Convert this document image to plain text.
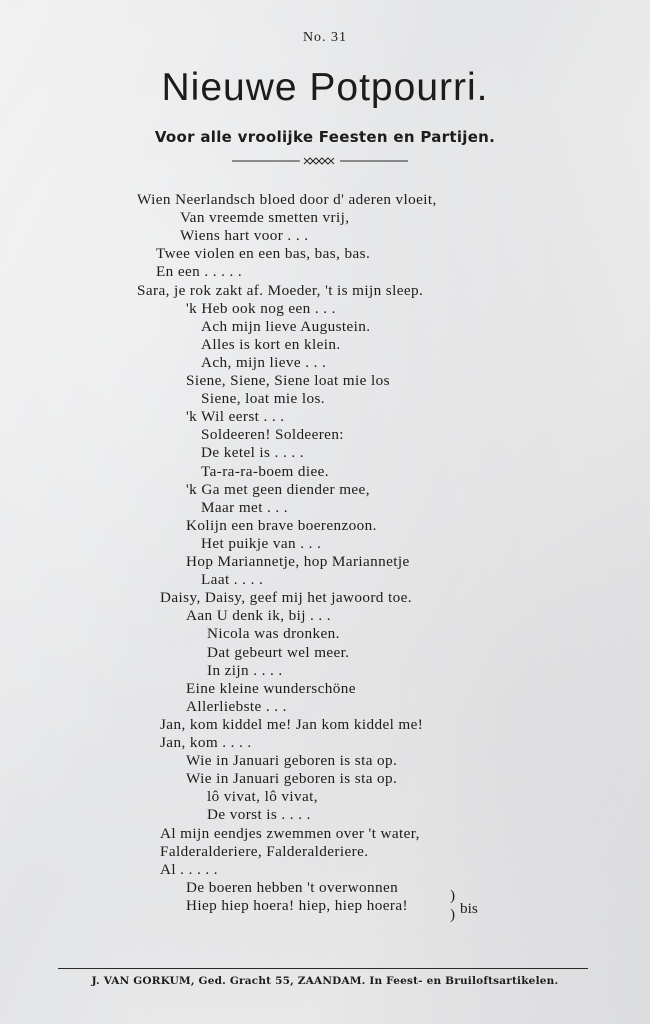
No. 31
Nieuwe Potpourri.
Voor alle vroolijke Feesten en Partijen.
Wien Neerlandsch bloed door d' aderen vloeit,
Van vreemde smetten vrij,
Wiens hart voor . . .
Twee violen en een bas, bas, bas.
En een . . . . .
Sara, je rok zakt af. Moeder, 't is mijn sleep.
'k Heb ook nog een . . .
Ach mijn lieve Augustein.
Alles is kort en klein.
Ach, mijn lieve . . .
Siene, Siene, Siene loat mie los
Siene, loat mie los.
'k Wil eerst . . .
Soldeeren! Soldeeren:
De ketel is . . . .
Ta-ra-ra-boem diee.
'k Ga met geen diender mee,
Maar met . . .
Kolijn een brave boerenzoon.
Het puikje van . . .
Hop Mariannetje, hop Mariannetje
Laat . . . .
Daisy, Daisy, geef mij het jawoord toe.
Aan U denk ik, bij . . .
Nicola was dronken.
Dat gebeurt wel meer.
In zijn . . . .
Eine kleine wunderschöne
Allerliebste . . .
Jan, kom kiddel me! Jan kom kiddel me!
Jan, kom . . . .
Wie in Januari geboren is sta op.
Wie in Januari geboren is sta op.
lô vivat, lô vivat,
De vorst is . . . .
Al mijn eendjes zwemmen over 't water,
Falderalderiere, Falderalderiere.
Al . . . . .
De boeren hebben 't overwonnen
Hiep hiep hoera! hiep, hiep hoera!
)
) bis
J. VAN GORKUM, Ged. Gracht 55, ZAANDAM. In Feest- en Bruiloftsartikelen.
